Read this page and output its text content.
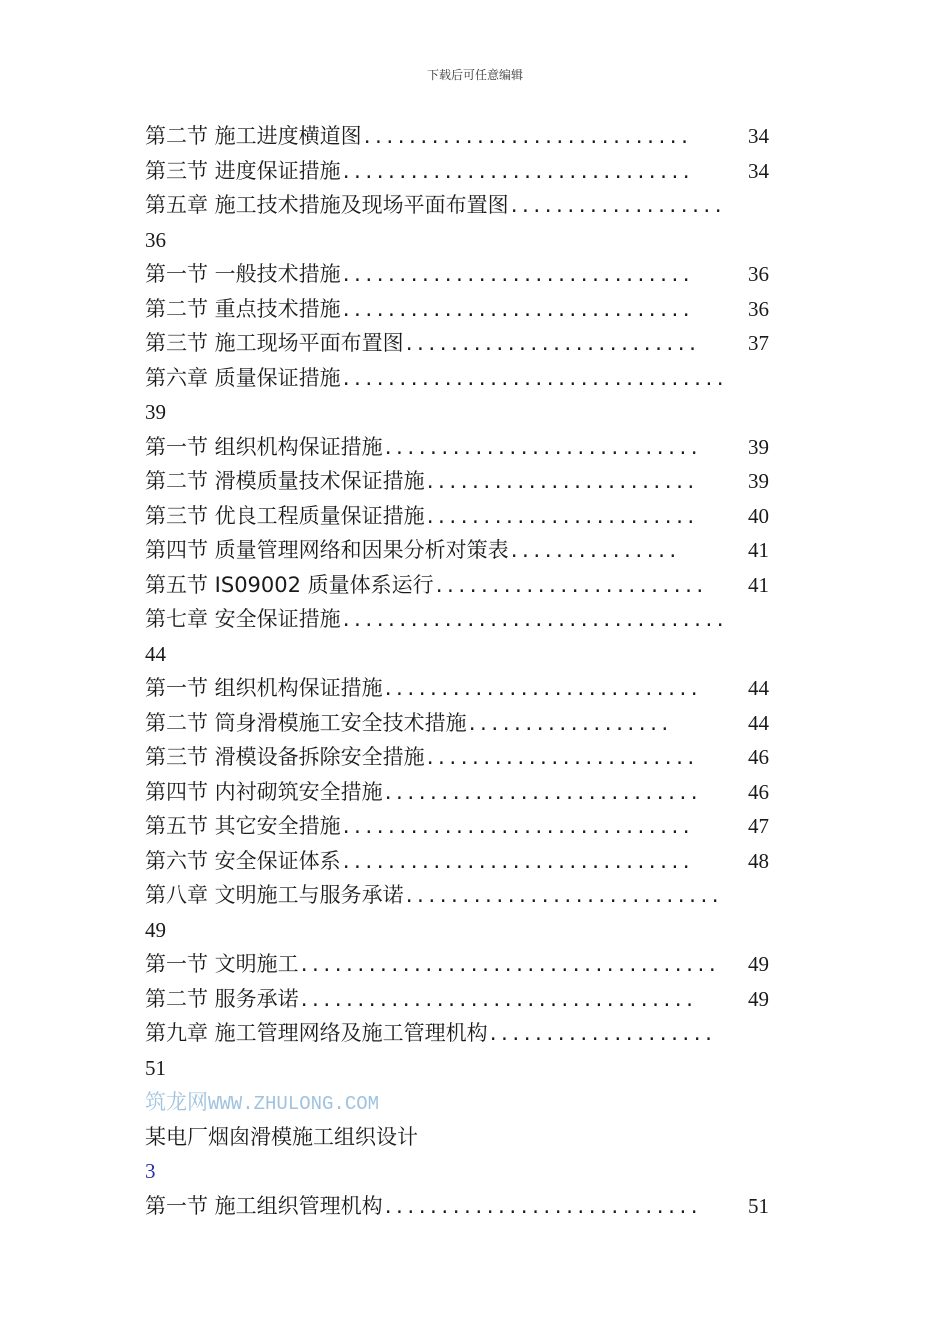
下载后可任意编辑
第二节 施工进度横道图.............................	34
第三节 进度保证措施...............................	34
第五章 施工技术措施及现场平面布置图...................
36
第一节 一般技术措施...............................	36
第二节 重点技术措施...............................	36
第三节 施工现场平面布置图.......................... 37
第六章 质量保证措施..................................
39
第一节 组织机构保证措施............................ 39
第二节 滑模质量技术保证措施........................ 39
第三节 优良工程质量保证措施........................ 40
第四节 质量管理网络和因果分析对策表...............	41
第五节 IS09002 质量体系运行........................ 41
第七章 安全保证措施..................................
44
第一节 组织机构保证措施............................ 44
第二节 筒身滑模施工安全技术措施..................	44
第三节 滑模设备拆除安全措施........................ 46
第四节 内衬砌筑安全措施............................ 46
第五节 其它安全措施...............................	47
第六节 安全保证体系...............................	48
第八章 文明施工与服务承诺............................
49
第一节 文明施工..................................... 49
第二节 服务承诺...................................	49
第九章 施工管理网络及施工管理机构....................
51
筑龙网WWW.ZHULONG.COM
某电厂烟囱滑模施工组织设计
3
第一节 施工组织管理机构............................ 51
